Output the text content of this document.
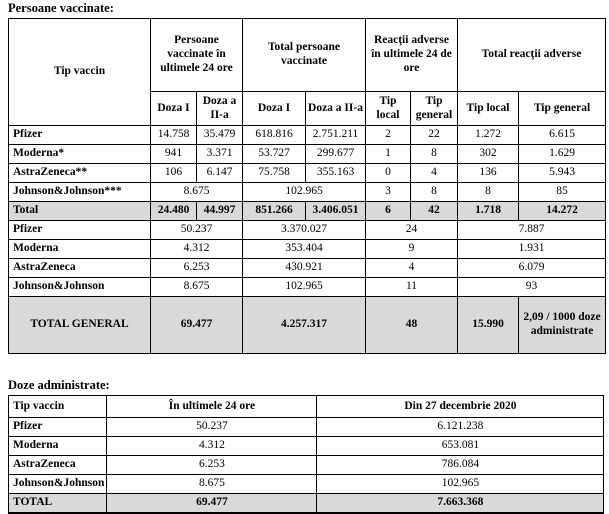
Persoane vaccinate:
Tip vaccin	Persoane vaccinate în ultimele 24 ore		Total persoane vaccinate		Reacţii adverse în ultimele 24 de ore		Total reacţii adverse	
	Doza I	Doza a II-a	Doza I	Doza a II-a	Tip local	Tip general	Tip local	Tip general
Pfizer	14.758	35.479	618.816	2.751.211	2	22	1.272	6.615
Moderna*	941	3.371	53.727	299.677	1	8	302	1.629
AstraZeneca**	106	6.147	75.758	355.163	0	4	136	5.943
Johnson&Johnson***	8.675		102.965		3	8	8	85
Total	24.480	44.997	851.266	3.406.051	6	42	1.718	14.272
Pfizer	50.237		3.370.027		24		7.887	
Moderna	4.312		353.404		9		1.931	
AstraZeneca	6.253		430.921		4		6.079	
Johnson&Johnson	8.675		102.965		11		93	
TOTAL GENERAL	69.477		4.257.317		48		15.990	2,09 / 1000 doze administrate
Doze administrate:
Tip vaccin	În ultimele 24 ore	Din 27 decembrie 2020
Pfizer	50.237	6.121.238
Moderna	4.312	653.081
AstraZeneca	6.253	786.084
Johnson&Johnson	8.675	102.965
TOTAL	69.477	7.663.368
